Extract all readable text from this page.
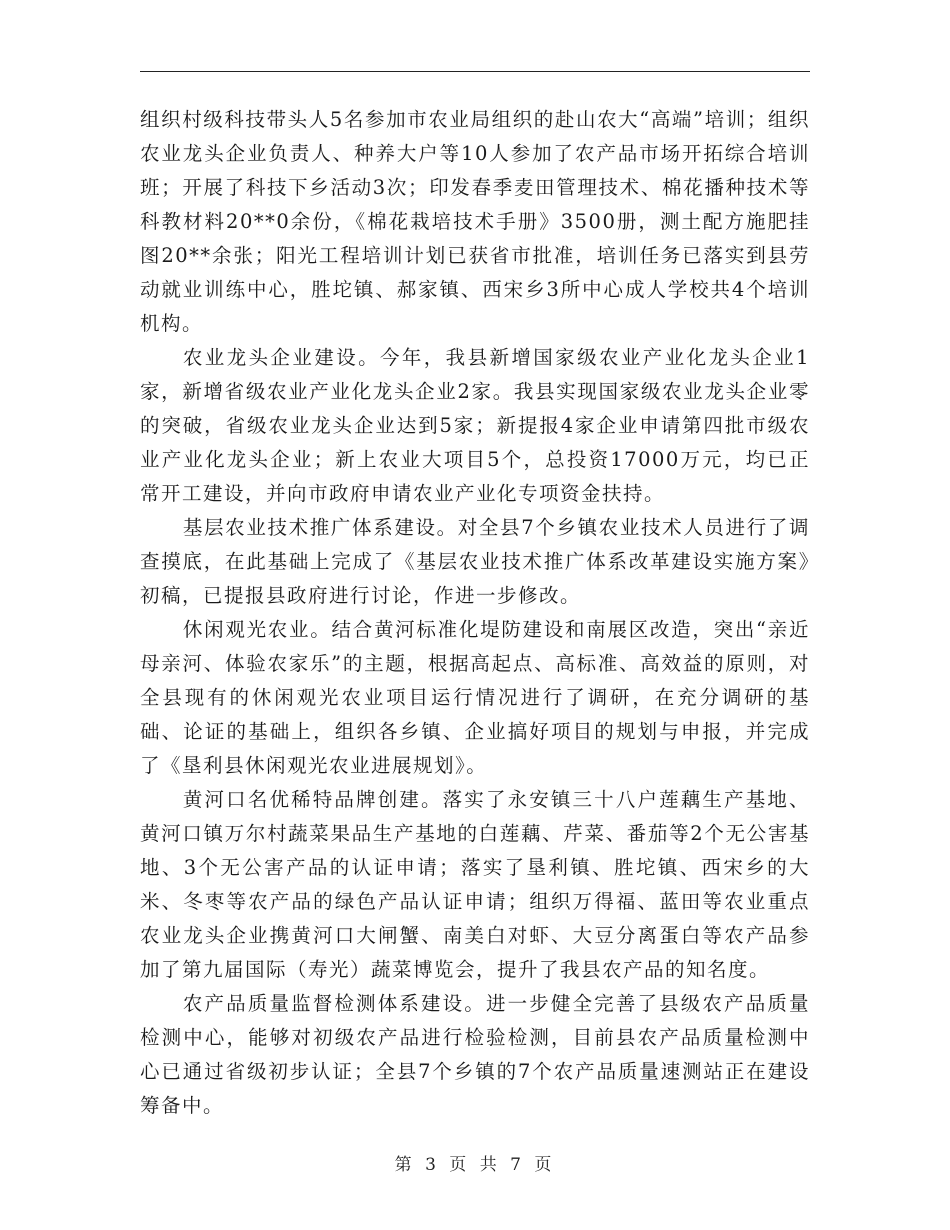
组织村级科技带头人5名参加市农业局组织的赴山农大“高端”培训；组织农业龙头企业负责人、种养大户等10人参加了农产品市场开拓综合培训班；开展了科技下乡活动3次；印发春季麦田管理技术、棉花播种技术等科教材料20**0余份，《棉花栽培技术手册》3500册，测土配方施肥挂图20**余张；阳光工程培训计划已获省市批准，培训任务已落实到县劳动就业训练中心，胜坨镇、郝家镇、西宋乡3所中心成人学校共4个培训机构。

农业龙头企业建设。今年，我县新增国家级农业产业化龙头企业1家，新增省级农业产业化龙头企业2家。我县实现国家级农业龙头企业零的突破，省级农业龙头企业达到5家；新提报4家企业申请第四批市级农业产业化龙头企业；新上农业大项目5个，总投资17000万元，均已正常开工建设，并向市政府申请农业产业化专项资金扶持。

基层农业技术推广体系建设。对全县7个乡镇农业技术人员进行了调查摸底，在此基础上完成了《基层农业技术推广体系改革建设实施方案》初稿，已提报县政府进行讨论，作进一步修改。

休闲观光农业。结合黄河标准化堤防建设和南展区改造，突出“亲近母亲河、体验农家乐”的主题，根据高起点、高标准、高效益的原则，对全县现有的休闲观光农业项目运行情况进行了调研，在充分调研的基础、论证的基础上，组织各乡镇、企业搞好项目的规划与申报，并完成了《垦利县休闲观光农业进展规划》。

黄河口名优稀特品牌创建。落实了永安镇三十八户莲藕生产基地、黄河口镇万尔村蔬菜果品生产基地的白莲藕、芹菜、番茄等2个无公害基地、3个无公害产品的认证申请；落实了垦利镇、胜坨镇、西宋乡的大米、冬枣等农产品的绿色产品认证申请；组织万得福、蓝田等农业重点农业龙头企业携黄河口大闸蟹、南美白对虾、大豆分离蛋白等农产品参加了第九届国际（寿光）蔬菜博览会，提升了我县农产品的知名度。

农产品质量监督检测体系建设。进一步健全完善了县级农产品质量检测中心，能够对初级农产品进行检验检测，目前县农产品质量检测中心已通过省级初步认证；全县7个乡镇的7个农产品质量速测站正在建设筹备中。

第 3 页 共 7 页
